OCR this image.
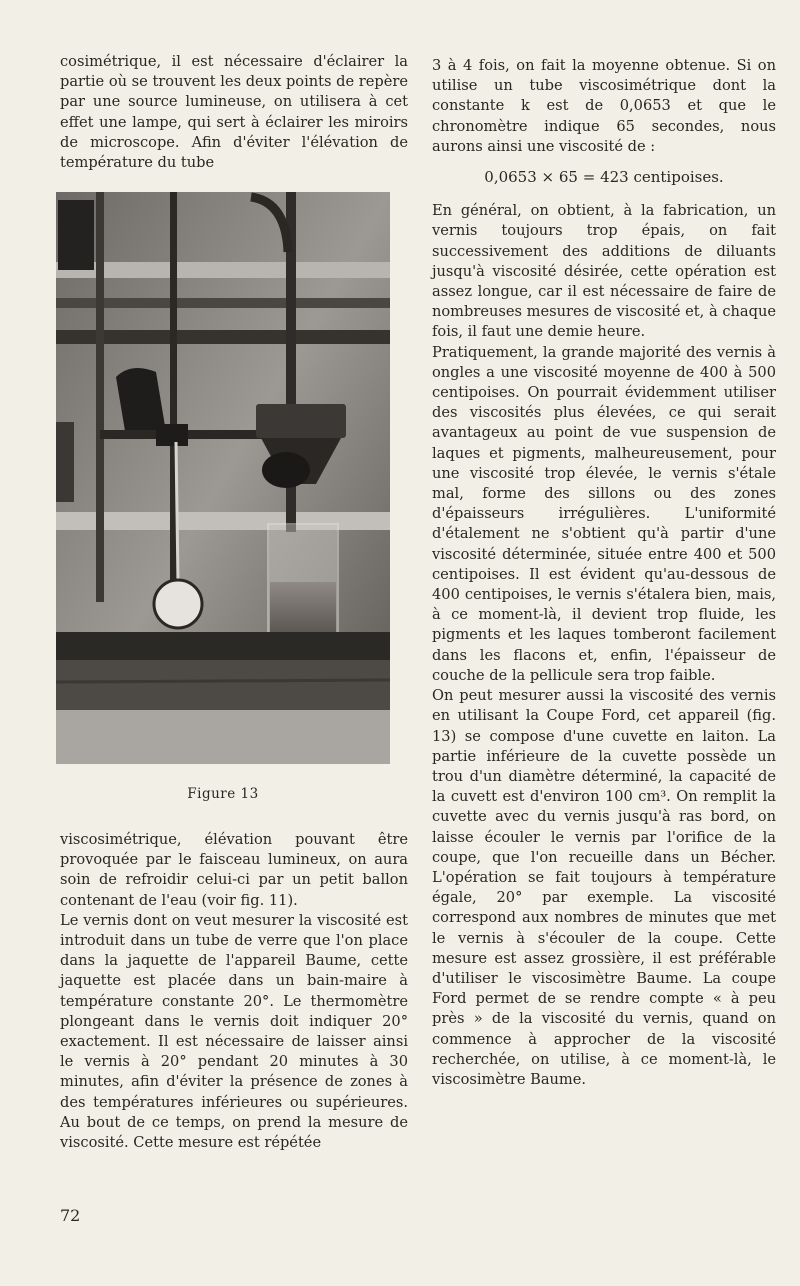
cosimétrique, il est nécessaire d'éclairer la partie où se trouvent les deux points de repère par une source lumineuse, on utilisera à cet effet une lampe, qui sert à éclairer les miroirs de microscope. Afin d'éviter l'élévation de température du tube

Figure 13

viscosimétrique, élévation pouvant être provoquée par le faisceau lumineux, on aura soin de refroidir celui-ci par un petit ballon contenant de l'eau (voir fig. 11).

Le vernis dont on veut mesurer la viscosité est introduit dans un tube de verre que l'on place dans la jaquette de l'appareil Baume, cette jaquette est placée dans un bain-maire à température constante 20°. Le thermomètre plongeant dans le vernis doit indiquer 20° exactement. Il est nécessaire de laisser ainsi le vernis à 20° pendant 20 minutes à 30 minutes, afin d'éviter la présence de zones à des températures inférieures ou supérieures. Au bout de ce temps, on prend la mesure de viscosité. Cette mesure est répétée

3 à 4 fois, on fait la moyenne obtenue. Si on utilise un tube viscosimétrique dont la constante k est de 0,0653 et que le chronomètre indique 65 secondes, nous aurons ainsi une viscosité de :

0,0653 × 65 = 423 centipoises.

En général, on obtient, à la fabrication, un vernis toujours trop épais, on fait successivement des additions de diluants jusqu'à viscosité désirée, cette opération est assez longue, car il est nécessaire de faire de nombreuses mesures de viscosité et, à chaque fois, il faut une demie heure.

Pratiquement, la grande majorité des vernis à ongles a une viscosité moyenne de 400 à 500 centipoises. On pourrait évidemment utiliser des viscosités plus élevées, ce qui serait avantageux au point de vue suspension de laques et pigments, malheureusement, pour une viscosité trop élevée, le vernis s'étale mal, forme des sillons ou des zones d'épaisseurs irrégulières. L'uniformité d'étalement ne s'obtient qu'à partir d'une viscosité déterminée, située entre 400 et 500 centipoises. Il est évident qu'au-dessous de 400 centipoises, le vernis s'étalera bien, mais, à ce moment-là, il devient trop fluide, les pigments et les laques tomberont facilement dans les flacons et, enfin, l'épaisseur de couche de la pellicule sera trop faible.

On peut mesurer aussi la viscosité des vernis en utilisant la Coupe Ford, cet appareil (fig. 13) se compose d'une cuvette en laiton. La partie inférieure de la cuvette possède un trou d'un diamètre déterminé, la capacité de la cuvett est d'environ 100 cm³. On remplit la cuvette avec du vernis jusqu'à ras bord, on laisse écouler le vernis par l'orifice de la coupe, que l'on recueille dans un Bécher. L'opération se fait toujours à température égale, 20° par exemple. La viscosité correspond aux nombres de minutes que met le vernis à s'écouler de la coupe. Cette mesure est assez grossière, il est préférable d'utiliser le viscosimètre Baume. La coupe Ford permet de se rendre compte « à peu près » de la viscosité du vernis, quand on commence à approcher de la viscosité recherchée, on utilise, à ce moment-là, le viscosimètre Baume.

72
